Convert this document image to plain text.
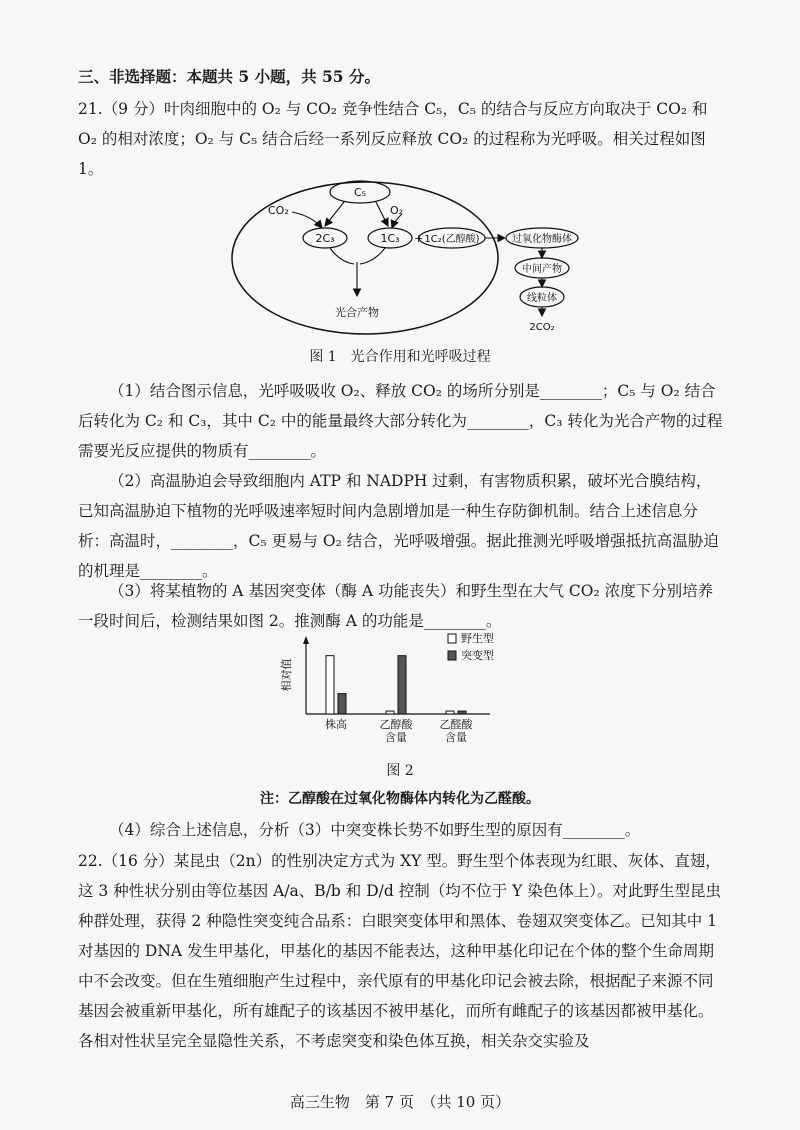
三、非选择题：本题共 5 小题，共 55 分。
21.（9 分）叶肉细胞中的 O₂ 与 CO₂ 竞争性结合 C₅，C₅ 的结合与反应方向取决于 CO₂ 和 O₂ 的相对浓度；O₂ 与 C₅ 结合后经一系列反应释放 CO₂ 的过程称为光呼吸。相关过程如图 1。
C₅
CO₂	O₂
2C₃	1C₃ + 1C₂(乙醇酸)	过氧化物酶体
中间产物
线粒体
2CO₂
光合产物
图 1　光合作用和光呼吸过程
（1）结合图示信息，光呼吸吸收 O₂、释放 CO₂ 的场所分别是________；C₅ 与 O₂ 结合后转化为 C₂ 和 C₃，其中 C₂ 中的能量最终大部分转化为________，C₃ 转化为光合产物的过程需要光反应提供的物质有________。
（2）高温胁迫会导致细胞内 ATP 和 NADPH 过剩，有害物质积累，破坏光合膜结构，已知高温胁迫下植物的光呼吸速率短时间内急剧增加是一种生存防御机制。结合上述信息分析：高温时，________，C₅ 更易与 O₂ 结合，光呼吸增强。据此推测光呼吸增强抵抗高温胁迫的机理是________。
（3）将某植物的 A 基因突变体（酶 A 功能丧失）和野生型在大气 CO₂ 浓度下分别培养一段时间后，检测结果如图 2。推测酶 A 的功能是________。
相对值
株高	乙醇酸
含量
乙醛酸
含量
野生型
突变型
图 2
注：乙醇酸在过氧化物酶体内转化为乙醛酸。
（4）综合上述信息，分析（3）中突变株长势不如野生型的原因有________。
22.（16 分）某昆虫（2n）的性别决定方式为 XY 型。野生型个体表现为红眼、灰体、直翅，这 3 种性状分别由等位基因 A/a、B/b 和 D/d 控制（均不位于 Y 染色体上）。对此野生型昆虫种群处理，获得 2 种隐性突变纯合品系：白眼突变体甲和黑体、卷翅双突变体乙。已知其中 1 对基因的 DNA 发生甲基化，甲基化的基因不能表达，这种甲基化印记在个体的整个生命周期中不会改变。但在生殖细胞产生过程中，亲代原有的甲基化印记会被去除，根据配子来源不同基因会被重新甲基化，所有雄配子的该基因不被甲基化，而所有雌配子的该基因都被甲基化。各相对性状呈完全显隐性关系，不考虑突变和染色体互换，相关杂交实验及
高三生物　第 7 页　（共 10 页）
